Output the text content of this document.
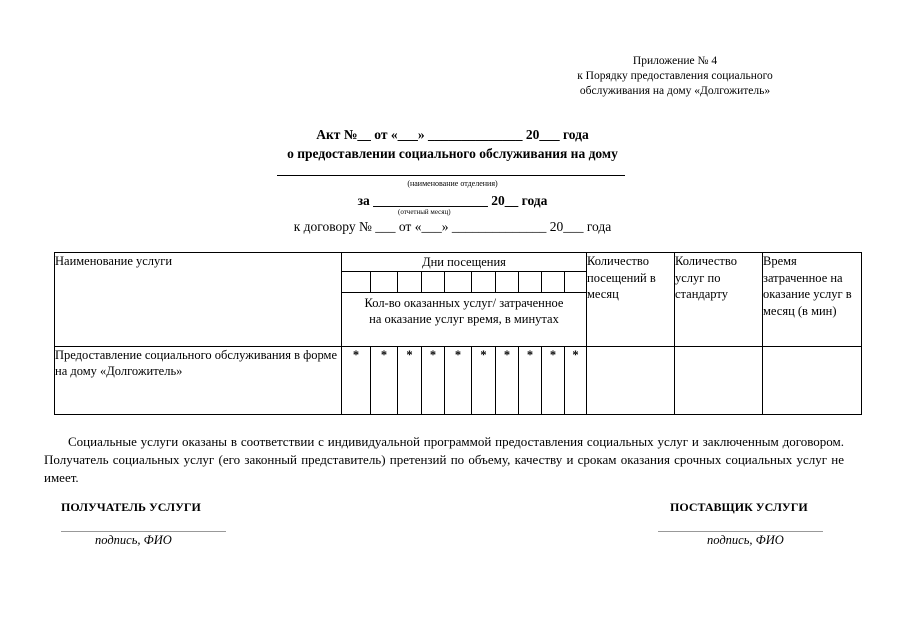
Приложение № 4
к Порядку предоставления социального
обслуживания на дому «Долгожитель»
Акт №__ от «___» ______________ 20___ года
о предоставлении социального обслуживания на дому
(наименование отделения)
за _________________ 20__ года
(отчетный месяц)
к договору № ___ от «___» ______________ 20___ года
Наименование услуги	Дни посещения										Количество посещений в месяц	Количество услуг по стандарту	Время затраченное на оказание услуг в месяц (в мин)

	Кол-во оказанных услуг/ затраченное на оказание услуг время, в минутах												
Предоставление социального обслуживания в форме на дому «Долгожитель»	*	*	*	*	*	*	*	*	*	*			
Социальные услуги оказаны в соответствии с индивидуальной программой предоставления социальных услуг и заключенным договором. Получатель социальных услуг (его законный представитель) претензий по объему, качеству и срокам оказания срочных социальных услуг не имеет.
ПОЛУЧАТЕЛЬ УСЛУГИ	ПОСТАВЩИК УСЛУГИ
подпись, ФИО	подпись, ФИО
